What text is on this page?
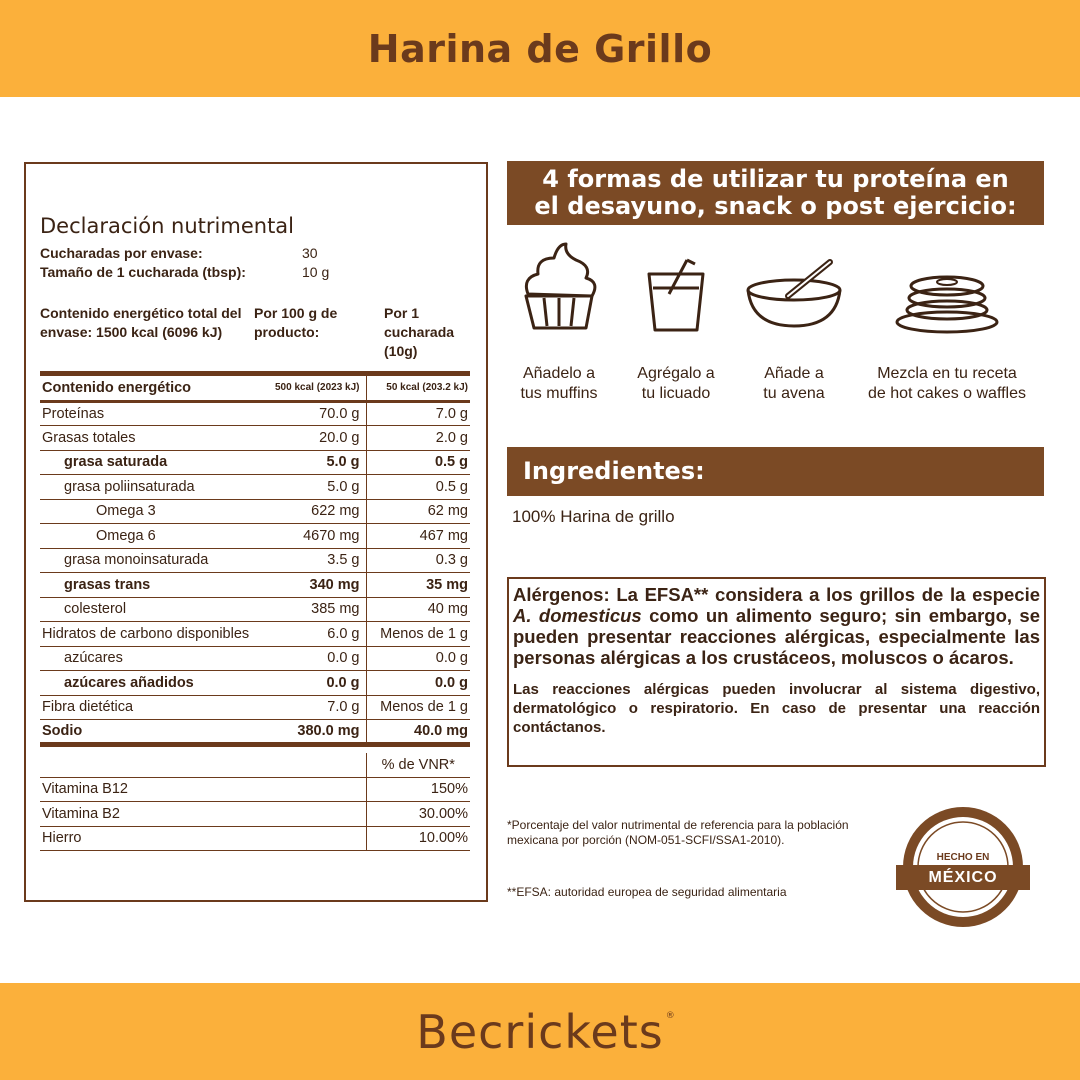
Harina de Grillo
Declaración nutrimental
Cucharadas por envase:	30
Tamaño de 1 cucharada (tbsp):	10 g
Contenido energético total del envase: 1500 kcal (6096 kJ)
Por 100 g de producto:
Por 1 cucharada (10g)
Contenido energético	500 kcal (2023 kJ)	50 kcal (203.2 kJ)
Proteínas	70.0 g	7.0 g
Grasas totales	20.0 g	2.0 g
grasa saturada	5.0 g	0.5 g
grasa poliinsaturada	5.0 g	0.5 g
Omega 3	622 mg	62 mg
Omega 6	4670 mg	467 mg
grasa monoinsaturada	3.5 g	0.3 g
grasas trans	340 mg	35 mg
colesterol	385 mg	40 mg
Hidratos de carbono disponibles	6.0 g	Menos de 1 g
azúcares	0.0 g	0.0 g
azúcares añadidos	0.0 g	0.0 g
Fibra dietética	7.0 g	Menos de 1 g
Sodio	380.0 mg	40.0 mg
	% de VNR*
Vitamina B12	150%
Vitamina B2	30.00%
Hierro	10.00%
4 formas de utilizar tu proteína en
el desayuno, snack o post ejercicio:
Añadelo a
tus muffins
Agrégalo a
tu licuado
Añade a
tu avena
Mezcla en tu receta
de hot cakes o waffles
Ingredientes:
100% Harina de grillo

Alérgenos: La EFSA** considera a los grillos de la especie A. domesticus como un alimento seguro; sin embargo, se pueden presentar reacciones alérgicas, especialmente las personas alérgicas a los crustáceos, moluscos o ácaros.

Las reacciones alérgicas pueden involucrar al sistema digestivo, dermatológico o respiratorio. En caso de presentar una reacción contáctanos.

*Porcentaje del valor nutrimental de referencia para la población mexicana por porción (NOM-051-SCFI/SSA1-2010).
**EFSA: autoridad europea de seguridad alimentaria
HECHO EN
MÉXICO
Becrickets ®
